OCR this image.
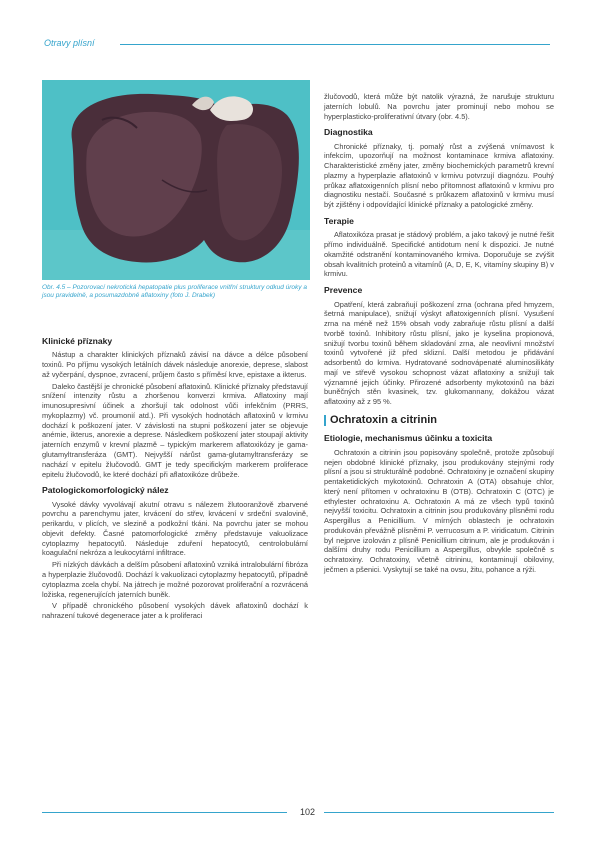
Otravy plísní
Obr. 4.5 – Pozorovací nekrotická hepatopatie plus proliferace vnitřní struktury odkud úroky a jsou pravidelně, a posumazdobně aflatoxiny (foto J. Drabek)
Klinické příznaky

Nástup a charakter klinických příznaků závisí na dávce a délce působení toxinů. Po příjmu vysokých letálních dávek následuje anorexie, deprese, slabost až vyčerpání, dyspnoe, zvracení, průjem často s příměsí krve, epistaxe a ikterus.

Daleko častější je chronické působení aflatoxinů. Klinické příznaky představují snížení intenzity růstu a zhoršenou konverzi krmiva. Aflatoxiny mají imunosupresivní účinek a zhoršují tak odolnost vůči infekčním (PRRS, mykoplazmy) vč. proumonií atd.). Při vysokých hodnotách aflatoxinů v krmivu dochází k poškození jater. V závislosti na stupni poškození jater se objevuje anémie, ikterus, anorexie a deprese. Následkem poškození jater stoupají aktivity jaterních enzymů v krevní plazmě – typickým markerem aflatoxikózy je gama-glutamyltransferáza (GMT). Nejvyšší nárůst gama-glutamyltransferázy se nachází v epitelu žlučovodů. GMT je tedy specifickým markerem proliferace epitelu žlučovodů, ke které dochází při aflatoxikóze drůbeže.

Patologickomorfologický nález

Vysoké dávky vyvolávají akutní otravu s nálezem žlutooranžově zbarvené povrchu a parenchymu jater, krvácení do střev, krvácení v srdeční svalovině, perikardu, v plicích, ve slezině a podkožní tkáni. Na povrchu jater se mohou objevit defekty. Časné patomorfologické změny představuje vakuolizace cytoplazmy hepatocytů. Následuje zduření hepatocytů, centrolobulární koagulační nekróza a leukocytární infiltrace.

Při nízkých dávkách a delším působení aflatoxinů vzniká intralobulární fibróza a hyperplazie žlučovodů. Dochází k vakuolizaci cytoplazmy hepatocytů, případně cytoplazma zcela chybí. Na játrech je možné pozorovat proliferační a rozvrácená ložiska, regenerujících jaterních buněk.

V případě chronického působení vysokých dávek aflatoxinů dochází k nahrazení tukové degenerace jater a k proliferaci

žlučovodů, která může být natolik výrazná, že narušuje strukturu jaterních lobulů. Na povrchu jater prominují nebo mohou se hyperplasticko-proliferativní útvary (obr. 4.5).

Diagnostika

Chronické příznaky, tj. pomalý růst a zvýšená vnímavost k infekcím, upozorňují na možnost kontaminace krmiva aflatoxiny. Charakteristické změny jater, změny biochemických parametrů krevní plazmy a hyperplazie aflatoxinů v krmivu potvrzují diagnózu. Pouhý průkaz aflatoxigenních plísní nebo přítomnost aflatoxinů v krmivu pro diagnostiku nestačí. Současné s průkazem aflatoxinů v krmivu musí být zjištěny i odpovídající klinické příznaky a patologické změny.

Terapie

Aflatoxikóza prasat je stádový problém, a jako takový je nutné řešit přímo individuálně. Specifické antidotum není k dispozici. Je nutné okamžité odstranění kontaminovaného krmiva. Doporučuje se zvýšit obsah kvalitních proteinů a vitamínů (A, D, E, K, vitamíny skupiny B) v krmivu.

Prevence

Opatření, která zabraňují poškození zrna (ochrana před hmyzem, šetrná manipulace), snižují výskyt aflatoxigenních plísní. Vysušení zrna na méně než 15% obsah vody zabraňuje růstu plísní a další tvorbě toxinů. Inhibitory růstu plísní, jako je kyselina propionová, snižují tvorbu toxinů během skladování zrna, ale neovlivní množství toxinů vytvořené již před sklizní. Další metodou je přidávání adsorbentů do krmiva. Hydratované sodnovápenaté aluminosilikáty mají ve střevě vysokou schopnost vázat aflatoxiny a snižují tak významné jejich účinky. Přirozené adsorbenty mykotoxinů na bázi buněčných stěn kvasinek, tzv. glukomannany, dokážou vázat aflatoxiny až z 95 %.

Ochratoxin a citrinin
Etiologie, mechanismus účinku a toxicita

Ochratoxin a citrinin jsou popisovány společně, protože způsobují nejen obdobné klinické příznaky, jsou produkovány stejnými rody plísní a jsou si strukturálně podobné. Ochratoxiny je označení skupiny pentaketidických mykotoxinů. Ochratoxin A (OTA) obsahuje chlor, který není přítomen v ochratoxinu B (OTB). Ochratoxin C (OTC) je ethylester ochratoxinu A. Ochratoxin A má ze všech typů toxinů nejvyšší toxicitu. Ochratoxin a citrinin jsou produkovány plísněmi rodu Aspergillus a Penicillium. V mírných oblastech je ochratoxin produkován převážně plísněmi P. verrucosum a P. viridicatum. Citrinin byl nejprve izolován z plísně Penicillium citrinum, ale je produkován i dalšími druhy rodu Penicillium a Aspergillus, obvykle společně s ochratoxiny. Ochratoxiny, včetně citrininu, kontaminují obiloviny, ječmen a pšenici. Vyskytují se také na ovsu, žitu, pohance a rýži.

102
